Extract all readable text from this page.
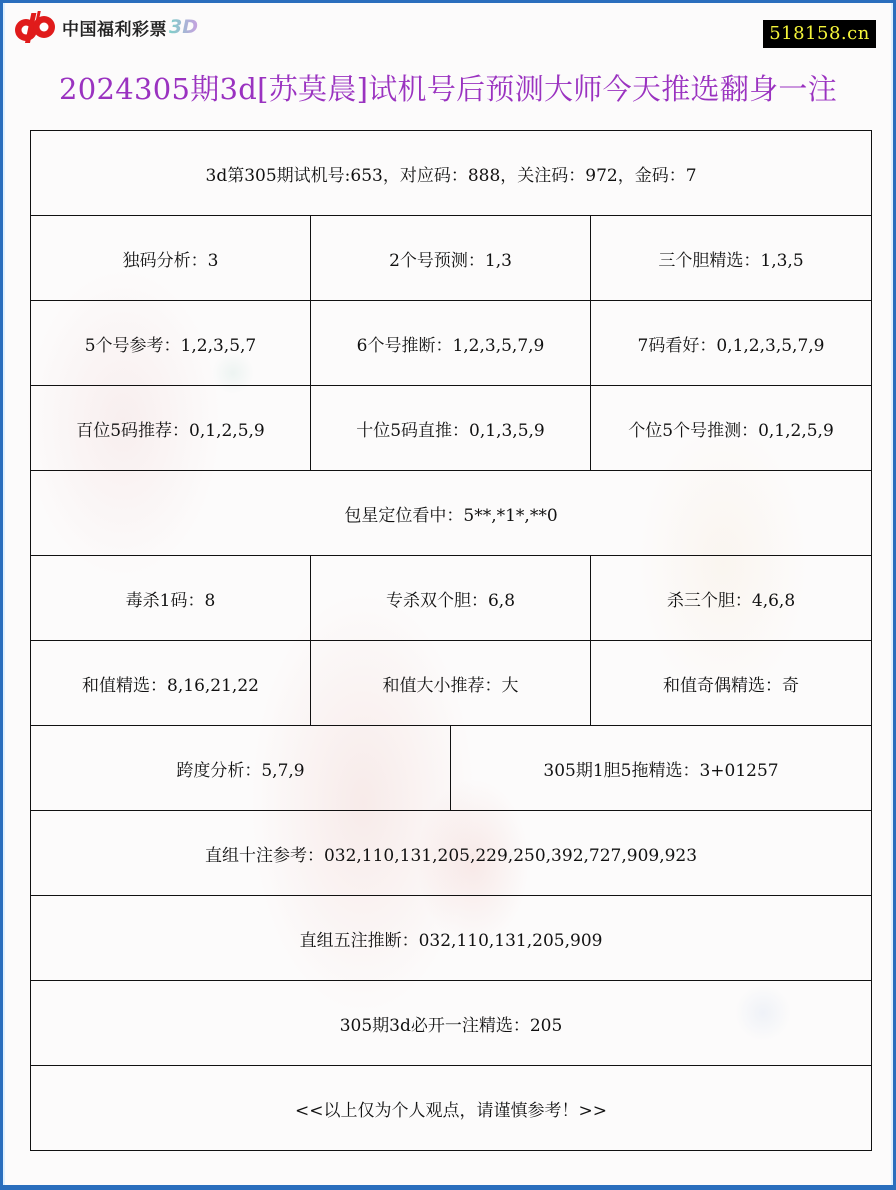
中国福利彩票 3D	518158.cn
2024305期3d[苏莫晨]试机号后预测大师今天推选翻身一注
3d第305期试机号:653，对应码：888，关注码：972，金码：7			
独码分析：3	2个号预测：1,3		三个胆精选：1,3,5
5个号参考：1,2,3,5,7	6个号推断：1,2,3,5,7,9		7码看好：0,1,2,3,5,7,9
百位5码推荐：0,1,2,5,9	十位5码直推：0,1,3,5,9		个位5个号推测：0,1,2,5,9
包星定位看中：5**,*1*,**0			
毒杀1码：8	专杀双个胆：6,8		杀三个胆：4,6,8
和值精选：8,16,21,22	和值大小推荐：大		和值奇偶精选：奇
跨度分析：5,7,9		305期1胆5拖精选：3+01257	
直组十注参考：032,110,131,205,229,250,392,727,909,923			
直组五注推断：032,110,131,205,909			
305期3d必开一注精选：205			
<<以上仅为个人观点，请谨慎参考！>>			
